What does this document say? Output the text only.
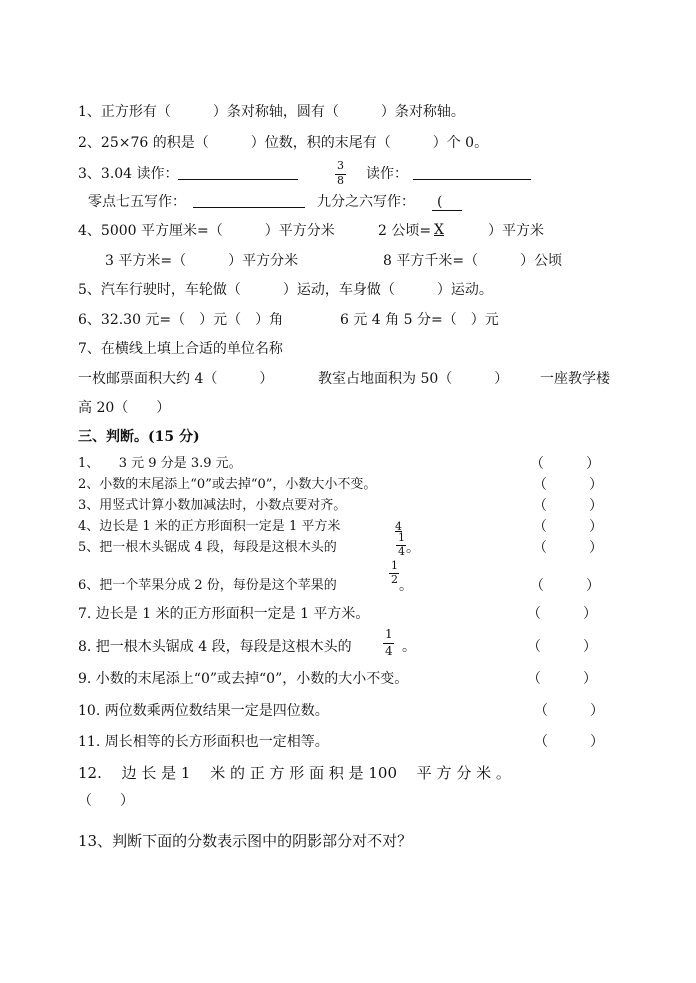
1、正方形有（　　　）条对称轴，圆有（　　　）条对称轴。
2、25×76 的积是（　　　）位数，积的末尾有（　　　）个 0。
3、3.04 读作：
3
8 读作：
零点七五写作：	九分之六写作： (
4、5000 平方厘米=（　　　）平方分米	2 公顷= X	）平方米
3 平方米=（　　　）平方分米	8 平方千米=（　　　）公顷
5、汽车行驶时，车轮做（　　　）运动，车身做（　　　）运动。
6、32.30 元=（　）元（　）角	6 元 4 角 5 分=（　）元
7、在横线上填上合适的单位名称
一枚邮票面积大约 4（　　　）	教室占地面积为 50（　　　） 一座教学楼
高 20（　　）
三、判断。(15 分)
1、　　3 元 9 分是 3.9 元。	（　　　）
2、小数的末尾添上“0”或去掉“0”，小数大小不变。	（　　　）
3、用竖式计算小数加减法时，小数点要对齐。	（　　　）
4、边长是 1 米的正方形面积一定是 1 平方米	4	（　　　）
5、把一根木头锯成 4 段，每段是这根木头的
1
4 。	（　　　）
6、把一个苹果分成 2 份，每份是这个苹果的
1
2 。	（　　　）
7. 边长是 1 米的正方形面积一定是 1 平方米。	（　　　）
8. 把一根木头锯成 4 段，每段是这根木头的
1
4 。	（　　　）
9. 小数的末尾添上“0”或去掉“0”，小数的大小不变。	（　　　）
10. 两位数乘两位数结果一定是四位数。	（　　　）
11. 周长相等的长方形面积也一定相等。	（　　　）
12.　 边 长 是 1　 米 的 正 方 形 面 积 是 100　 平 方 分 米 。
（　　）
13、判断下面的分数表示图中的阴影部分对不对？
